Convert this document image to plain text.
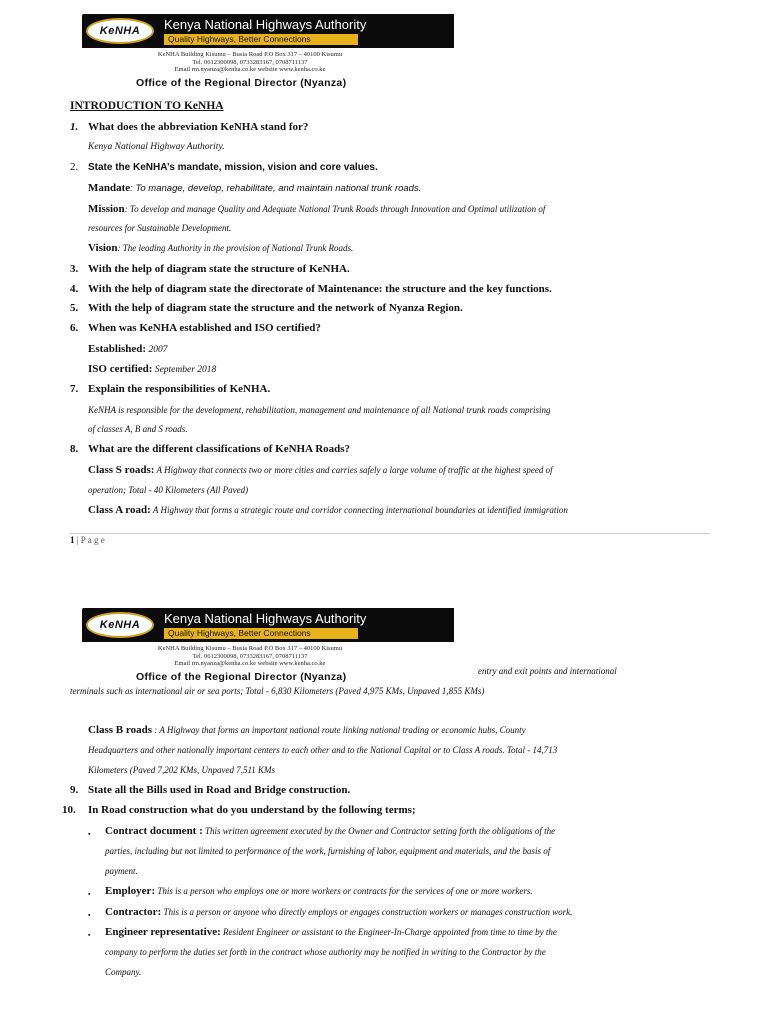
KeNHA Kenya National Highways Authority
Quality Highways, Better Connections
KeNHA Building Kisumu – Busia Road P.O Box 317 – 40100 Kisumu
Tel. 0612300098, 0733283167, 0708711137
Email rm.nyanza@kenha.co.ke website www.kenha.co.ke
Office of the Regional Director (Nyanza)
INTRODUCTION TO KeNHA
1. What does the abbreviation KeNHA stand for?
Kenya National Highway Authority.
2. State the KeNHA’s mandate, mission, vision and core values.
Mandate: To manage, develop, rehabilitate, and maintain national trunk roads.
Mission: To develop and manage Quality and Adequate National Trunk Roads through Innovation and Optimal utilization of
resources for Sustainable Development.
Vision: The leading Authority in the provision of National Trunk Roads.
3. With the help of diagram state the structure of KeNHA.
4. With the help of diagram state the directorate of Maintenance: the structure and the key functions.
5. With the help of diagram state the structure and the network of Nyanza Region.
6. When was KeNHA established and ISO certified?
Established: 2007
ISO certified: September 2018
7. Explain the responsibilities of KeNHA.
KeNHA is responsible for the development, rehabilitation, management and maintenance of all National trunk roads comprising
of classes A, B and S roads.
8. What are the different classifications of KeNHA Roads?
Class S roads: A Highway that connects two or more cities and carries safely a large volume of traffic at the highest speed of
operation; Total - 40 Kilometers (All Paved)
Class A road: A Highway that forms a strategic route and corridor connecting international boundaries at identified immigration
1 | P a g e
KeNHA Kenya National Highways Authority
Quality Highways, Better Connections
KeNHA Building Kisumu – Busia Road P.O Box 317 – 40100 Kisumu
Tel. 0612300098, 0733283167, 0708711137
Email rm.nyanza@kenha.co.ke website www.kenha.co.ke
Office of the Regional Director (Nyanza)	entry and exit points and international
terminals such as international air or sea ports; Total - 6,830 Kilometers (Paved 4,975 KMs, Unpaved 1,855 KMs)
Class B roads : A Highway that forms an important national route linking national trading or economic hubs, County
Headquarters and other nationally important centers to each other and to the National Capital or to Class A roads. Total - 14,713
Kilometers (Paved 7,202 KMs, Unpaved 7,511 KMs
9. State all the Bills used in Road and Bridge construction.
10. In Road construction what do you understand by the following terms;
▪ Contract document : This written agreement executed by the Owner and Contractor setting forth the obligations of the
parties, including but not limited to performance of the work, furnishing of labor, equipment and materials, and the basis of
payment.
▪ Employer: This is a person who employs one or more workers or contracts for the services of one or more workers.
▪ Contractor: This is a person or anyone who directly employs or engages construction workers or manages construction work.
▪ Engineer representative: Resident Engineer or assistant to the Engineer-In-Charge appointed from time to time by the
company to perform the duties set forth in the contract whose authority may be notified in writing to the Contractor by the
Company.
